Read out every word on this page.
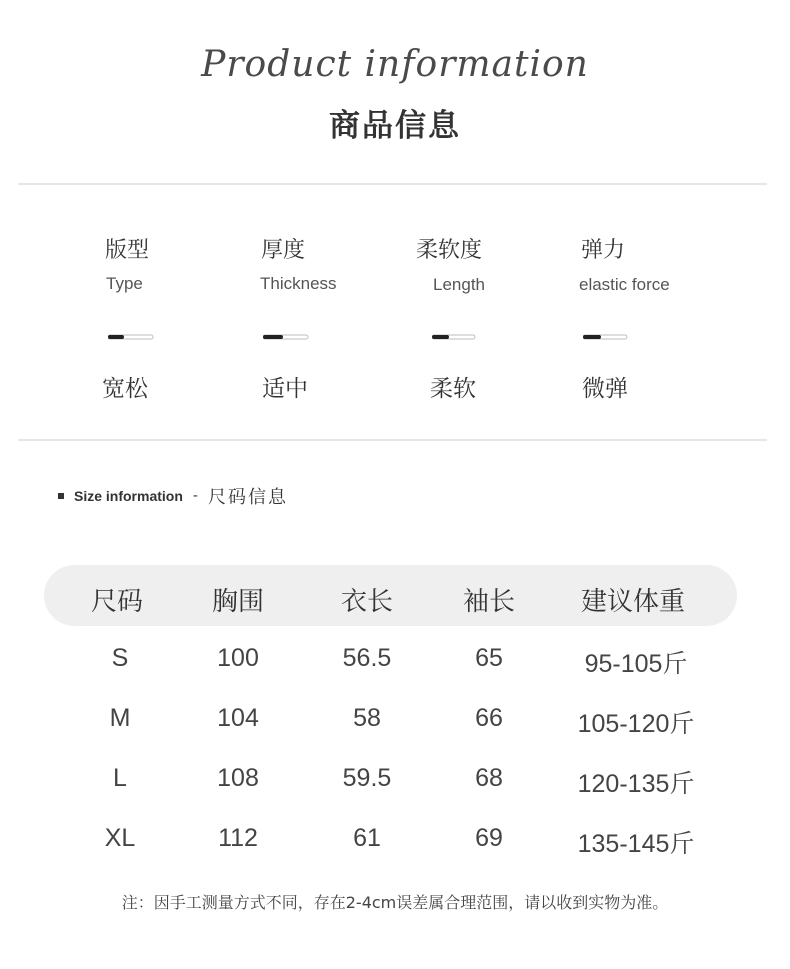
Product information
商品信息
版型	厚度	柔软度	弹力
Type	Thickness	Length	elastic force
宽松	适中	柔软	微弹
Size information - 尺码信息
尺码	胸围	衣长	袖长	建议体重
S	100	56.5	65	95-105斤
M	104	58	66	105-120斤
L	108	59.5	68	120-135斤
XL	112	61	69	135-145斤
注：因手工测量方式不同，存在2-4cm误差属合理范围，请以收到实物为准。
